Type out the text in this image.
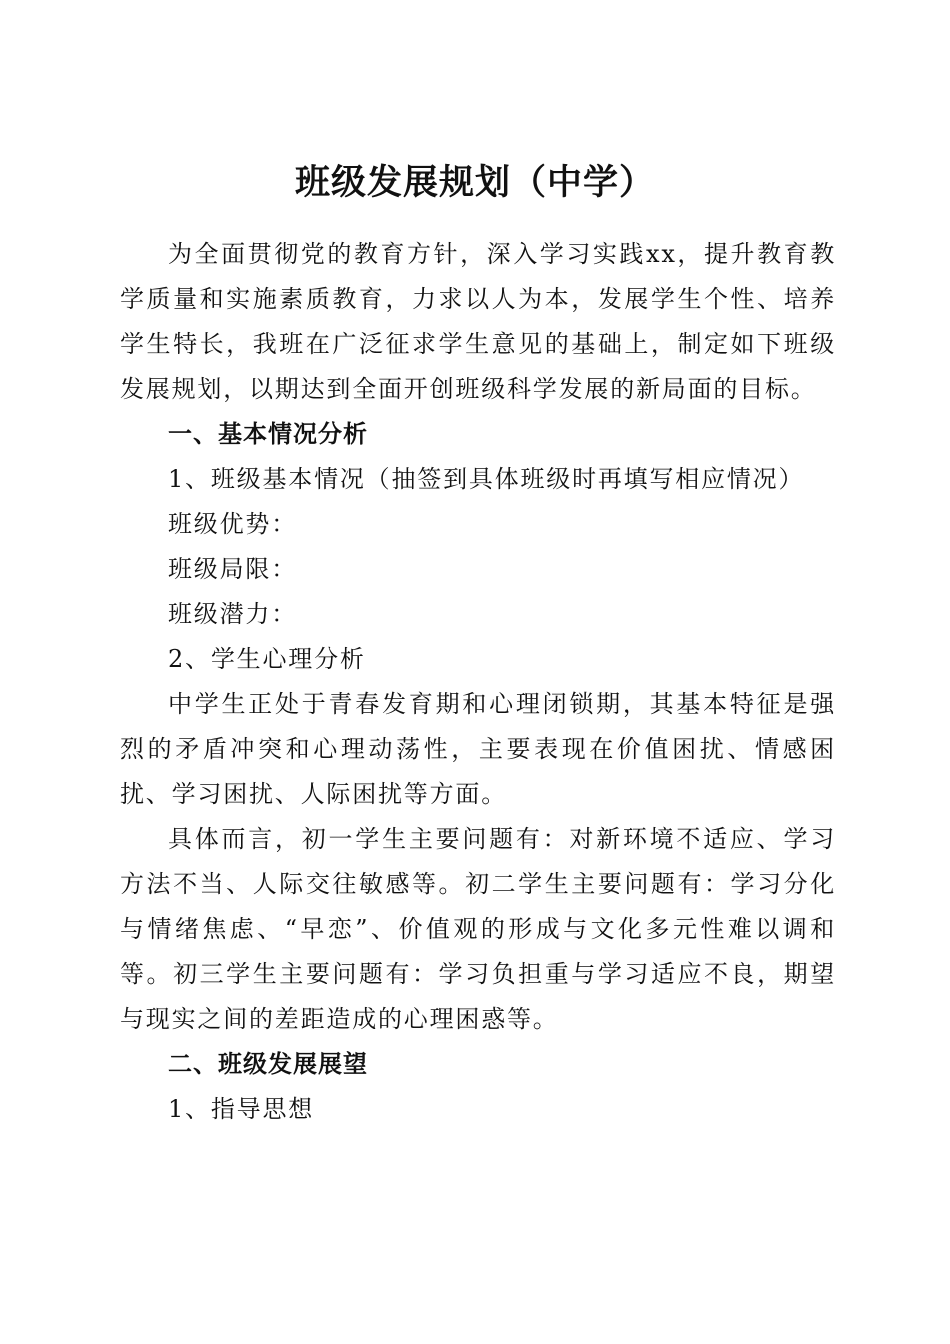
班级发展规划（中学）

为全面贯彻党的教育方针，深入学习实践xx，提升教育教学质量和实施素质教育，力求以人为本，发展学生个性、培养学生特长，我班在广泛征求学生意见的基础上，制定如下班级发展规划，以期达到全面开创班级科学发展的新局面的目标。

一、基本情况分析

1、班级基本情况（抽签到具体班级时再填写相应情况）

班级优势：

班级局限：

班级潜力：

2、学生心理分析

中学生正处于青春发育期和心理闭锁期，其基本特征是强烈的矛盾冲突和心理动荡性，主要表现在价值困扰、情感困扰、学习困扰、人际困扰等方面。

具体而言，初一学生主要问题有：对新环境不适应、学习方法不当、人际交往敏感等。初二学生主要问题有：学习分化与情绪焦虑、“早恋”、价值观的形成与文化多元性难以调和等。初三学生主要问题有：学习负担重与学习适应不良，期望与现实之间的差距造成的心理困惑等。

二、班级发展展望

1、指导思想
